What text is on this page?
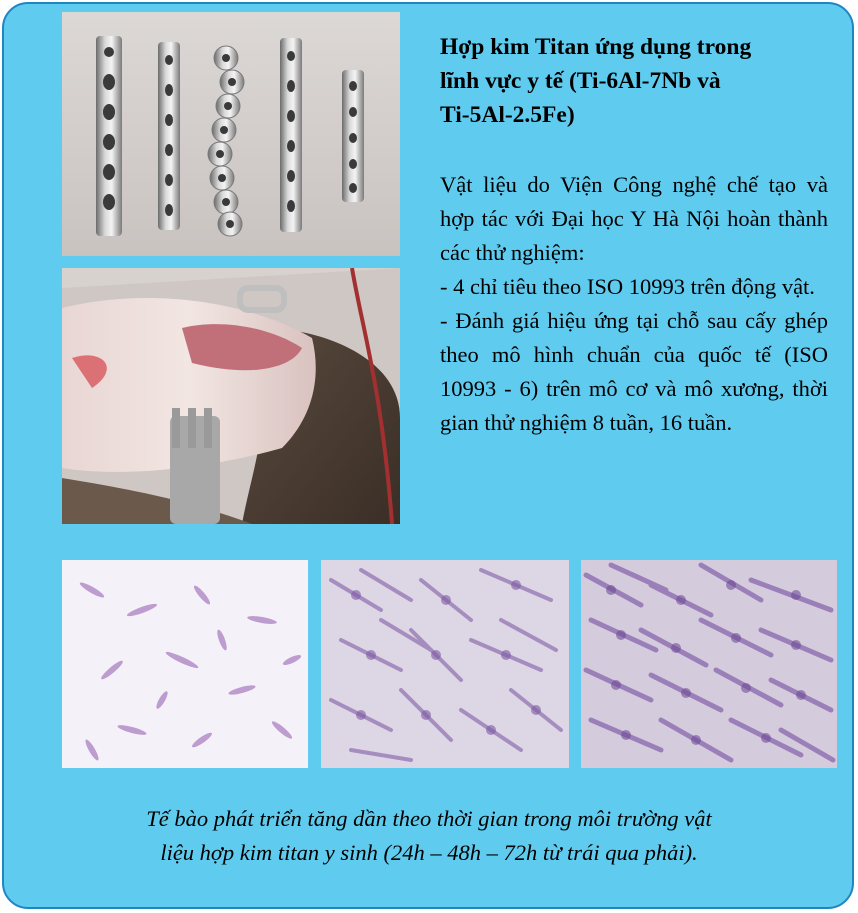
Hợp kim Titan ứng dụng trong
lĩnh vực y tế (Ti-6Al-7Nb và
Ti-5Al-2.5Fe)

Vật liệu do Viện Công nghệ chế tạo và hợp tác với Đại học Y Hà Nội hoàn thành các thử nghiệm:

- 4 chỉ tiêu theo ISO 10993 trên động vật.

- Đánh giá hiệu ứng tại chỗ sau cấy ghép theo mô hình chuẩn của quốc tế (ISO 10993 - 6) trên mô cơ và mô xương, thời gian thử nghiệm 8 tuần, 16 tuần.

Tế bào phát triển tăng dần theo thời gian trong môi trường vật
liệu hợp kim titan y sinh (24h – 48h – 72h từ trái qua phải).
